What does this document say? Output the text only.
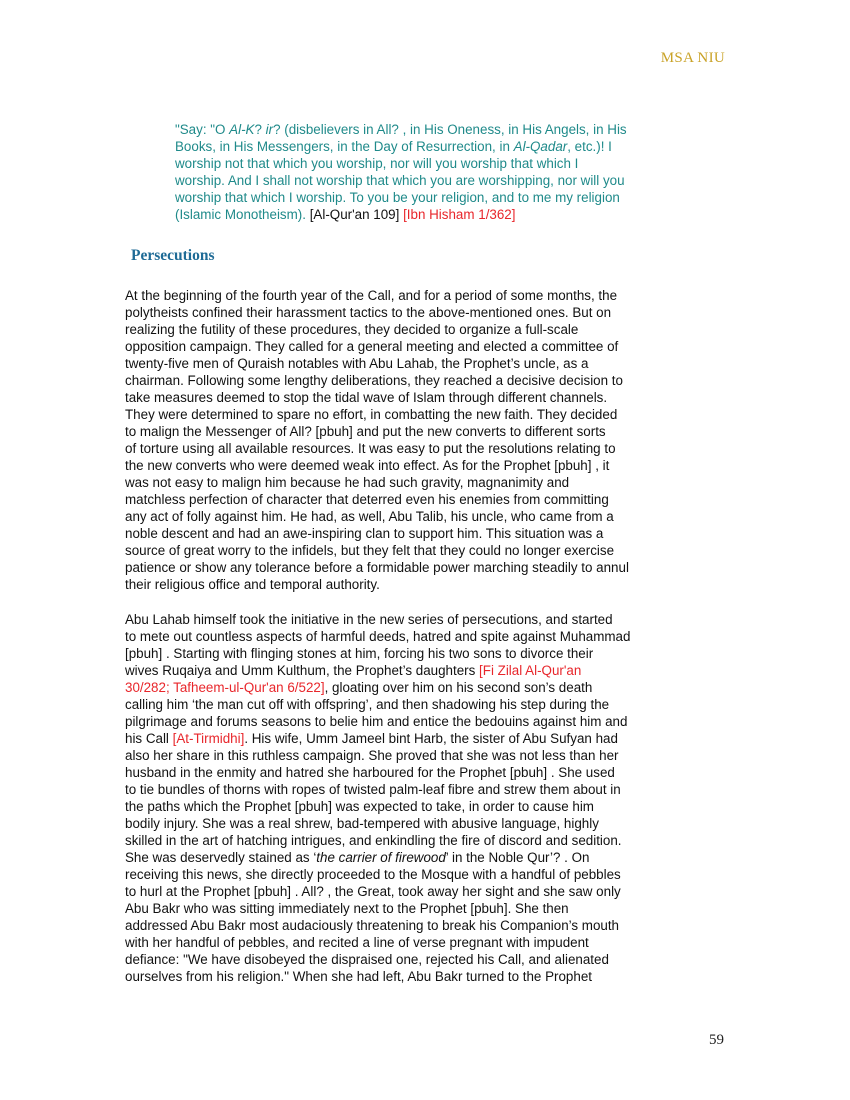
MSA NIU
"Say: "O Al-K? ir? (disbelievers in All? , in His Oneness, in His Angels, in His
Books, in His Messengers, in the Day of Resurrection, in Al-Qadar, etc.)! I
worship not that which you worship, nor will you worship that which I
worship. And I shall not worship that which you are worshipping, nor will you
worship that which I worship. To you be your religion, and to me my religion
(Islamic Monotheism). [Al-Qur'an 109] [Ibn Hisham 1/362]
Persecutions
At the beginning of the fourth year of the Call, and for a period of some months, the
polytheists confined their harassment tactics to the above-mentioned ones. But on
realizing the futility of these procedures, they decided to organize a full-scale
opposition campaign. They called for a general meeting and elected a committee of
twenty-five men of Quraish notables with Abu Lahab, the Prophet’s uncle, as a
chairman. Following some lengthy deliberations, they reached a decisive decision to
take measures deemed to stop the tidal wave of Islam through different channels.
They were determined to spare no effort, in combatting the new faith. They decided
to malign the Messenger of All? [pbuh] and put the new converts to different sorts
of torture using all available resources. It was easy to put the resolutions relating to
the new converts who were deemed weak into effect. As for the Prophet [pbuh] , it
was not easy to malign him because he had such gravity, magnanimity and
matchless perfection of character that deterred even his enemies from committing
any act of folly against him. He had, as well, Abu Talib, his uncle, who came from a
noble descent and had an awe-inspiring clan to support him. This situation was a
source of great worry to the infidels, but they felt that they could no longer exercise
patience or show any tolerance before a formidable power marching steadily to annul
their religious office and temporal authority.
Abu Lahab himself took the initiative in the new series of persecutions, and started
to mete out countless aspects of harmful deeds, hatred and spite against Muhammad
[pbuh] . Starting with flinging stones at him, forcing his two sons to divorce their
wives Ruqaiya and Umm Kulthum, the Prophet’s daughters [Fi Zilal Al-Qur'an
30/282; Tafheem-ul-Qur'an 6/522], gloating over him on his second son’s death
calling him ‘the man cut off with offspring’, and then shadowing his step during the
pilgrimage and forums seasons to belie him and entice the bedouins against him and
his Call [At-Tirmidhi]. His wife, Umm Jameel bint Harb, the sister of Abu Sufyan had
also her share in this ruthless campaign. She proved that she was not less than her
husband in the enmity and hatred she harboured for the Prophet [pbuh] . She used
to tie bundles of thorns with ropes of twisted palm-leaf fibre and strew them about in
the paths which the Prophet [pbuh] was expected to take, in order to cause him
bodily injury. She was a real shrew, bad-tempered with abusive language, highly
skilled in the art of hatching intrigues, and enkindling the fire of discord and sedition.
She was deservedly stained as ‘the carrier of firewood’ in the Noble Qur’? . On
receiving this news, she directly proceeded to the Mosque with a handful of pebbles
to hurl at the Prophet [pbuh] . All? , the Great, took away her sight and she saw only
Abu Bakr who was sitting immediately next to the Prophet [pbuh]. She then
addressed Abu Bakr most audaciously threatening to break his Companion’s mouth
with her handful of pebbles, and recited a line of verse pregnant with impudent
defiance: "We have disobeyed the dispraised one, rejected his Call, and alienated
ourselves from his religion." When she had left, Abu Bakr turned to the Prophet
59
